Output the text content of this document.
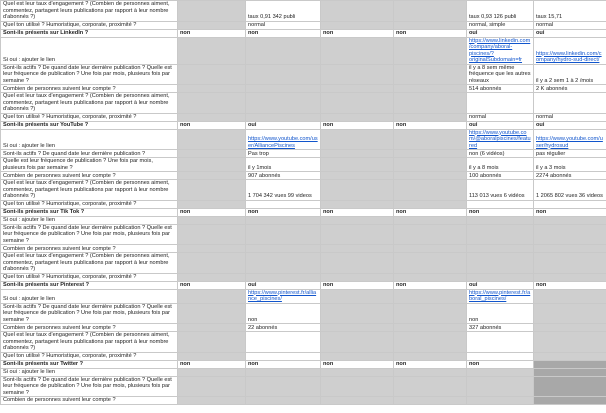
Quel est leur taux d'engagement ? (Combien de personnes aiment, commentez, partagent leurs publications par rapport à leur nombre d'abonnés ?)		taux 0,91 342 publi			taux 0,93 126 publi	taux 15,71
Quel ton utilisé ? Humoristique, corporate, proximité ?		normal			normal, simple	normal
Sont-ils présents sur LinkedIn ?	non	non	non	non	oui	oui
Si oui : ajouter le lien					https://www.linkedin.com/company/aboral-piscines/?originalSubdomain=fr	https://www.linkedin.com/company/hydro-sud-direct/
Sont-ils actifs ? De quand date leur dernière publication ? Quelle est leur fréquence de publication ? Une fois par mois, plusieurs fois par semaine ?					il y a 8 sem même fréquence que les autres réseaux	il y a 2 sem 1 à 2 /mois
Combien de personnes suivent leur compte ?					514 abonnés	2 K abonnés
Quel est leur taux d'engagement ? (Combien de personnes aiment, commentez, partagent leurs publications par rapport à leur nombre d'abonnés ?)						
Quel ton utilisé ? Humoristique, corporate, proximité ?					normal	normal
Sont-ils présents sur YouTube ?	non	oui	non	non	oui	oui
Si oui : ajouter le lien		https://www.youtube.com/user/AlliancePiscines			https://www.youtube.com/@aboralpiscines/featured	https://www.youtube.com/user/hydrosud
Sont-ils actifs ? De quand date leur dernière publication ?		Pas trop			non (6 vidéos)	pas régulier
Quelle est leur fréquence de publication ? Une fois par mois, plusieurs fois par semaine ?		il y 1mois			il y a 8 mois	il y a 3 mois
Combien de personnes suivent leur compte ?		907 abonnés			100 abonnés	2274 abonnés
Quel est leur taux d'engagement ? (Combien de personnes aiment, commentez, partagent leurs publications par rapport à leur nombre d'abonnés ?)		1 704 342 vues 99 videos			113 013 vues 6 vidéos	1 2065 802 vues 36 videos
Quel ton utilisé ? Humoristique, corporate, proximité ?						
Sont-ils présents sur Tik Tok ?	non	non	non	non	non	non
Si oui : ajouter le lien						
Sont-ils actifs ? De quand date leur dernière publication ? Quelle est leur fréquence de publication ? Une fois par mois, plusieurs fois par semaine ?						
Combien de personnes suivent leur compte ?						
Quel est leur taux d'engagement ? (Combien de personnes aiment, commentez, partagent leurs publications par rapport à leur nombre d'abonnés ?)						
Quel ton utilisé ? Humoristique, corporate, proximité ?						
Sont-ils présents sur Pinterest ?	non	oui	non	non	oui	non
Si oui : ajouter le lien		https://www.pinterest.fr/alliance_piscines/			https://www.pinterest.fr/aboral_piscines/	
Sont-ils actifs ? De quand date leur dernière publication ? Quelle est leur fréquence de publication ? Une fois par mois, plusieurs fois par semaine ?		non			non	
Combien de personnes suivent leur compte ?		22 abonnés			327 abonnés	
Quel est leur taux d'engagement ? (Combien de personnes aiment, commentez, partagent leurs publications par rapport à leur nombre d'abonnés ?)						
Quel ton utilisé ? Humoristique, corporate, proximité ?						
Sont-ils présents sur Twitter ?	non	non	non	non	non	
Si oui : ajouter le lien						
Sont-ils actifs ? De quand date leur dernière publication ? Quelle est leur fréquence de publication ? Une fois par mois, plusieurs fois par semaine ?						
Combien de personnes suivent leur compte ?						
